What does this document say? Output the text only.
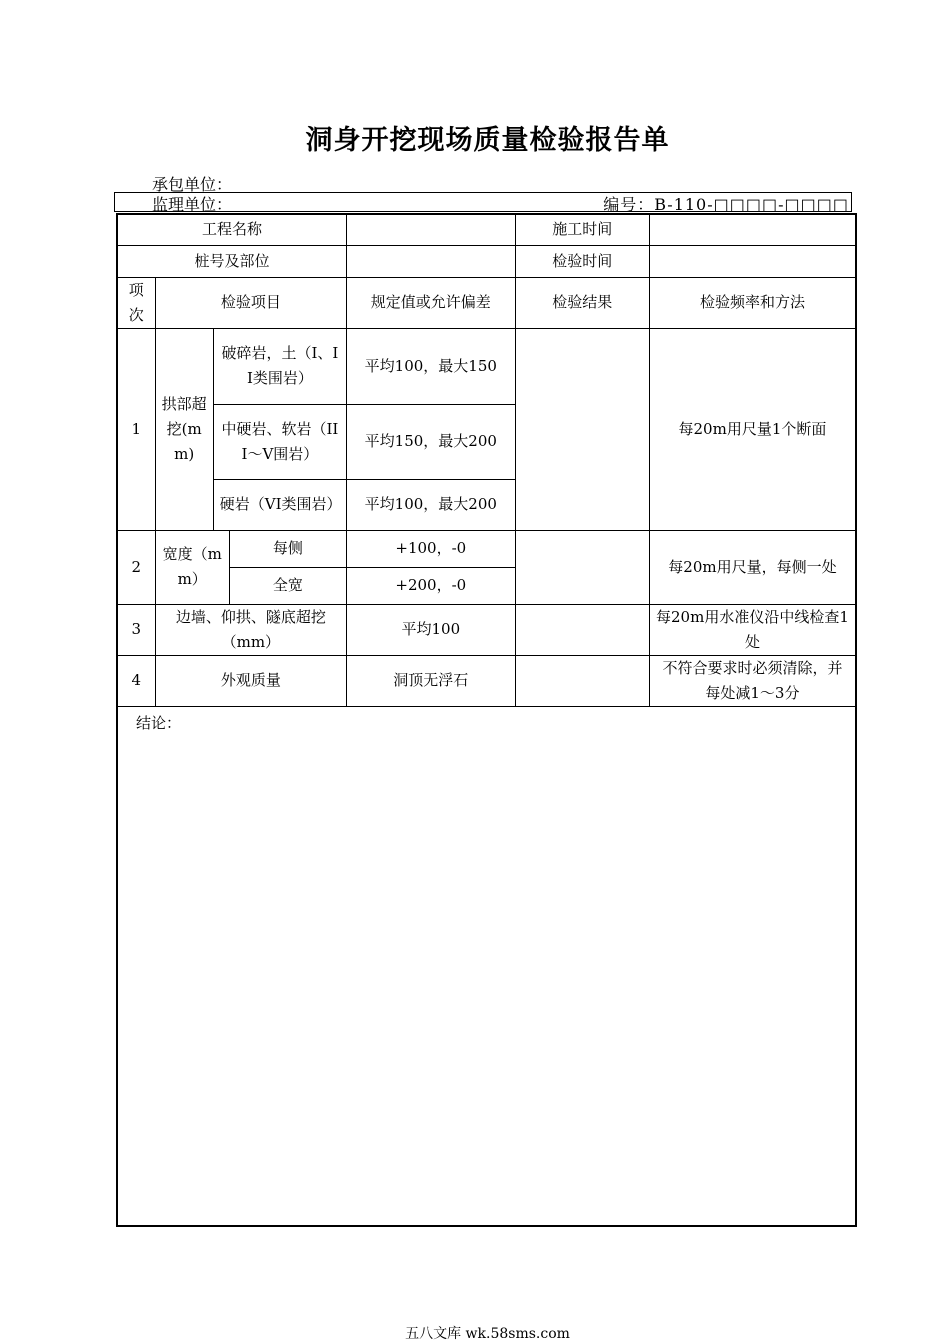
洞身开挖现场质量检验报告单
承包单位：
监理单位：	编号：B-110-□□□□-□□□□
工程名称					施工时间	
桩号及部位					检验时间	
项次	检验项目			规定值或允许偏差	检验结果	检验频率和方法
1	拱部超挖(mm)	破碎岩，土（I、II类围岩）		平均100，最大150		每20m用尺量1个断面
		中硬岩、软岩（III～V围岩）		平均150，最大200		
		硬岩（VI类围岩）		平均100，最大200		
2	宽度（mm）		每侧	+100，-0		每20m用尺量，每侧一处
			全宽	+200，-0		
3	边墙、仰拱、隧底超挖（mm）			平均100		每20m用水准仪沿中线检查1处
4	外观质量			洞顶无浮石		不符合要求时必须清除，并每处减1～3分
结论：						
五八文库 wk.58sms.com
